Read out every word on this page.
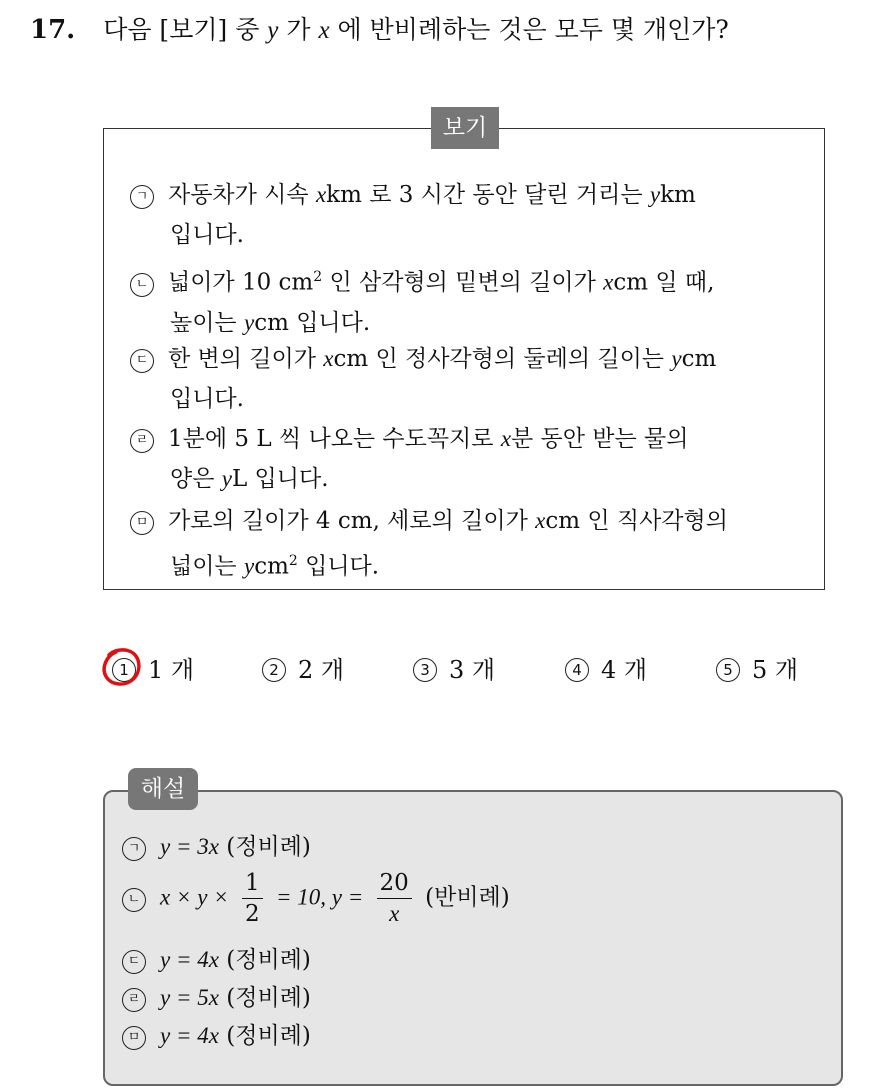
17. 다음 [보기] 중 y 가 x 에 반비례하는 것은 모두 몇 개인가?
보기
ㄱ 자동차가 시속 xkm 로 3 시간 동안 달린 거리는 ykm
입니다.
ㄴ 넓이가 10 $cm^2$ 인 삼각형의 밑변의 길이가 xcm 일 때,
높이는 ycm 입니다.
ㄷ 한 변의 길이가 xcm 인 정사각형의 둘레의 길이는 ycm
입니다.
ㄹ 1분에 5 L 씩 나오는 수도꼭지로 x분 동안 받는 물의
양은 yL 입니다.
ㅁ 가로의 길이가 4 cm, 세로의 길이가 xcm 인 직사각형의
넓이는 ycm$^2$ 입니다.
1 1 개	2 2 개	3 3 개	4 4 개	5 5 개
해설
ㄱ y = 3x (정비례)
ㄴ $x \times y \times \frac{1}{2} = 10$, $y = \frac{20}{x}$ (반비례)
ㄷ y = 4x (정비례)
ㄹ y = 5x (정비례)
ㅁ y = 4x (정비례)
